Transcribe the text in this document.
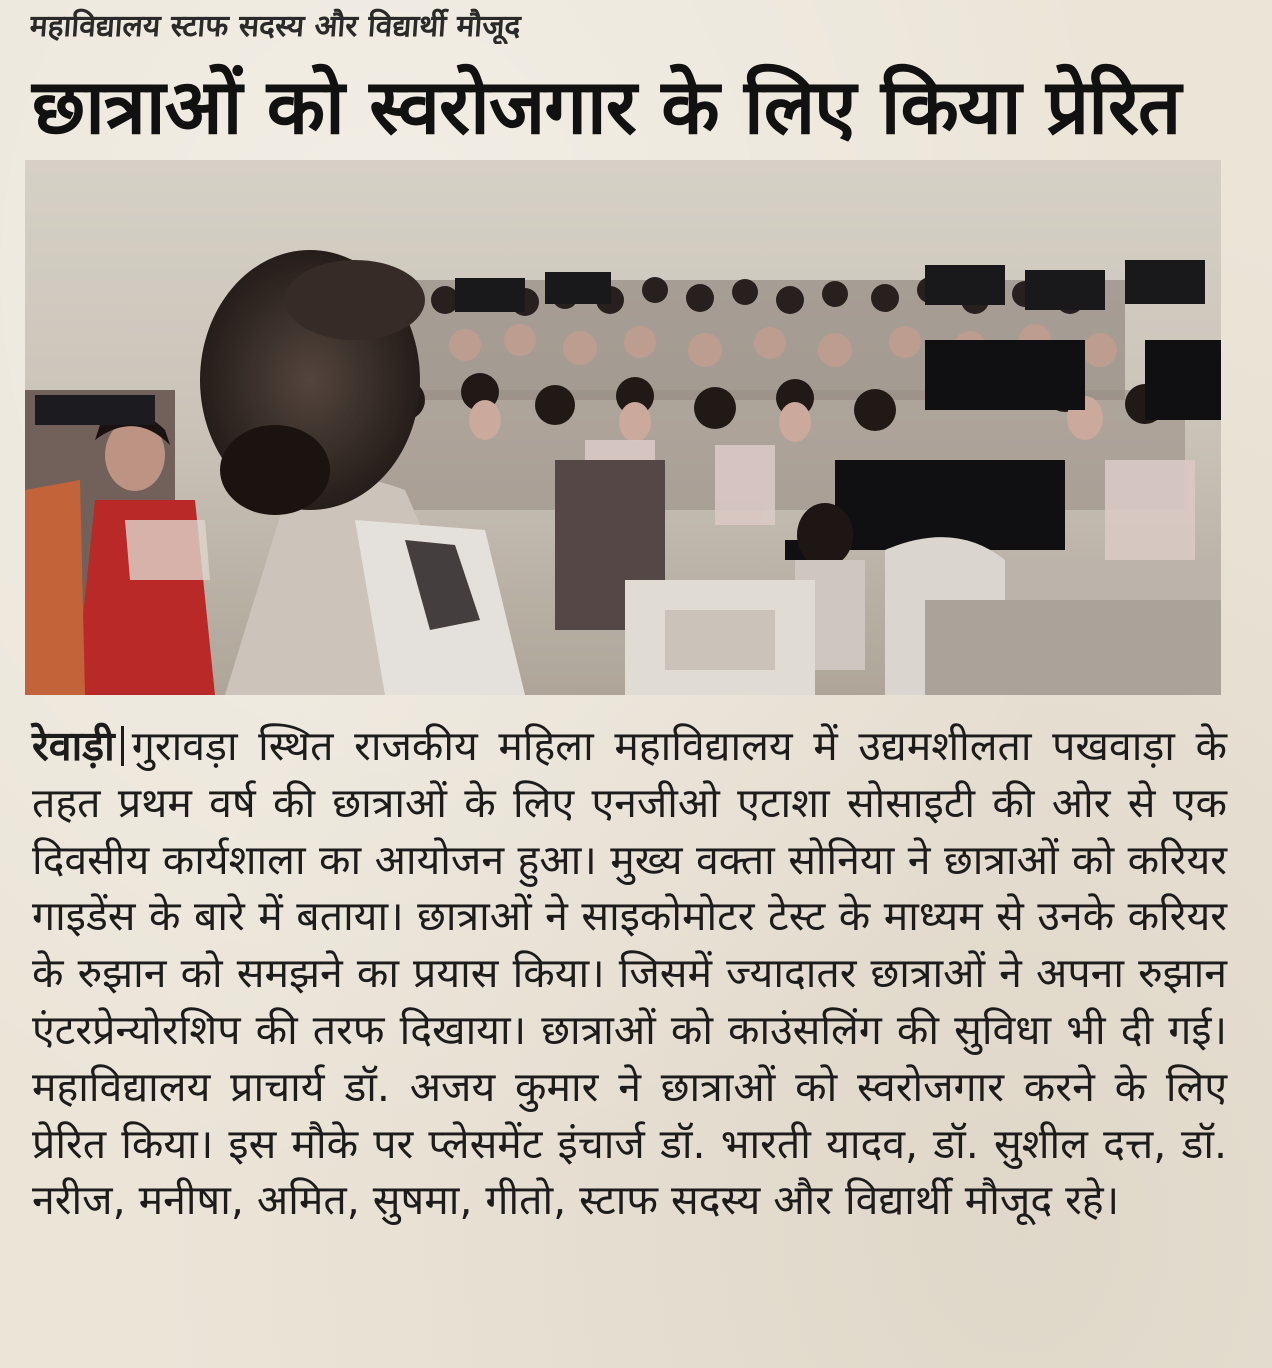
महाविद्यालय स्टाफ सदस्य और विद्यार्थी मौजूद
छात्राओं को स्वरोजगार के लिए किया प्रेरित
रेवाड़ी गुरावड़ा स्थित राजकीय महिला महाविद्यालय में उद्यमशीलता पखवाड़ा के तहत प्रथम वर्ष की छात्राओं के लिए एनजीओ एटाशा सोसाइटी की ओर से एक दिवसीय कार्यशाला का आयोजन हुआ। मुख्य वक्ता सोनिया ने छात्राओं को करियर गाइडेंस के बारे में बताया। छात्राओं ने साइकोमोटर टेस्ट के माध्यम से उनके करियर के रुझान को समझने का प्रयास किया। जिसमें ज्यादातर छात्राओं ने अपना रुझान एंटरप्रेन्योरशिप की तरफ दिखाया। छात्राओं को काउंसलिंग की सुविधा भी दी गई। महाविद्यालय प्राचार्य डॉ. अजय कुमार ने छात्राओं को स्वरोजगार करने के लिए प्रेरित किया। इस मौके पर प्लेसमेंट इंचार्ज डॉ. भारती यादव, डॉ. सुशील दत्त, डॉ. नरीज, मनीषा, अमित, सुषमा, गीतो, स्टाफ सदस्य और विद्यार्थी मौजूद रहे।
